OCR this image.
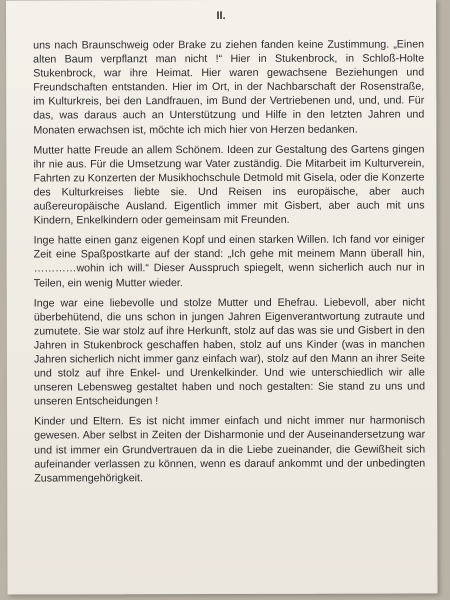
II.

uns nach Braunschweig oder Brake zu ziehen fanden keine Zustimmung. „Einen alten Baum verpflanzt man nicht !“ Hier in Stukenbrock, in Schloß-Holte Stukenbrock, war ihre Heimat. Hier waren gewachsene Beziehungen und Freundschaften entstanden. Hier im Ort, in der Nachbarschaft der Rosenstraße, im Kulturkreis, bei den Landfrauen, im Bund der Vertriebenen und, und, und. Für das, was daraus auch an Unterstützung und Hilfe in den letzten Jahren und Monaten erwachsen ist, möchte ich mich hier von Herzen bedanken.

Mutter hatte Freude an allem Schönem. Ideen zur Gestaltung des Gartens gingen ihr nie aus. Für die Umsetzung war Vater zuständig. Die Mitarbeit im Kulturverein, Fahrten zu Konzerten der Musikhochschule Detmold mit Gisela, oder die Konzerte des Kulturkreises liebte sie. Und Reisen ins europäische, aber auch außereuropäische Ausland. Eigentlich immer mit Gisbert, aber auch mit uns Kindern, Enkelkindern oder gemeinsam mit Freunden.

Inge hatte einen ganz eigenen Kopf und einen starken Willen. Ich fand vor einiger Zeit eine Spaßpostkarte auf der stand: „Ich gehe mit meinem Mann überall hin, …………wohin ich will.“ Dieser Ausspruch spiegelt, wenn sicherlich auch nur in Teilen, ein wenig Mutter wieder.

Inge war eine liebevolle und stolze Mutter und Ehefrau. Liebevoll, aber nicht überbehütend, die uns schon in jungen Jahren Eigenverantwortung zutraute und zumutete. Sie war stolz auf ihre Herkunft, stolz auf das was sie und Gisbert in den Jahren in Stukenbrock geschaffen haben, stolz auf uns Kinder (was in manchen Jahren sicherlich nicht immer ganz einfach war), stolz auf den Mann an ihrer Seite und stolz auf ihre Enkel- und Urenkelkinder. Und wie unterschiedlich wir alle unseren Lebensweg gestaltet haben und noch gestalten: Sie stand zu uns und unseren Entscheidungen !

Kinder und Eltern. Es ist nicht immer einfach und nicht immer nur harmonisch gewesen. Aber selbst in Zeiten der Disharmonie und der Auseinandersetzung war und ist immer ein Grundvertrauen da in die Liebe zueinander, die Gewißheit sich aufeinander verlassen zu können, wenn es darauf ankommt und der unbedingten Zusammengehörigkeit.
